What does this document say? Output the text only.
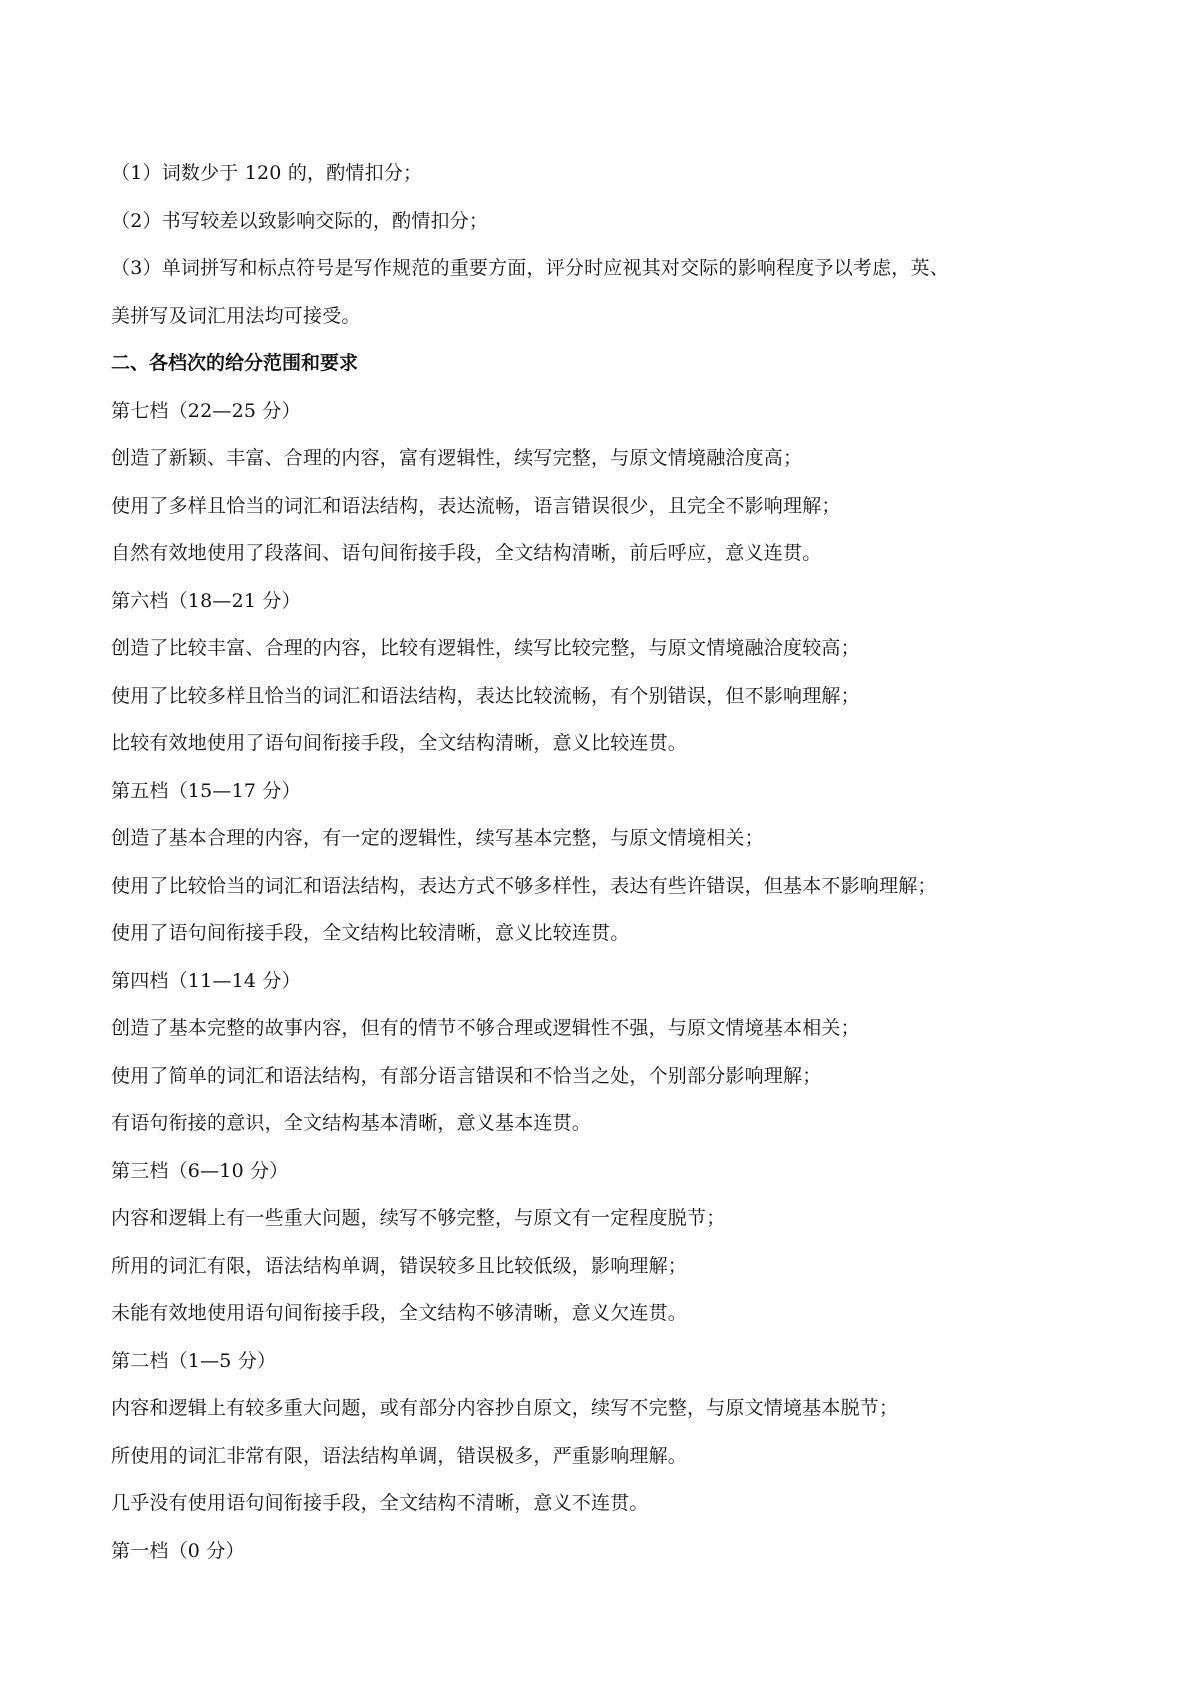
（1）词数少于 120 的，酌情扣分；
（2）书写较差以致影响交际的，酌情扣分；
（3）单词拼写和标点符号是写作规范的重要方面，评分时应视其对交际的影响程度予以考虑，英、
美拼写及词汇用法均可接受。
二、各档次的给分范围和要求
第七档（22—25 分）
创造了新颖、丰富、合理的内容，富有逻辑性，续写完整，与原文情境融洽度高；
使用了多样且恰当的词汇和语法结构，表达流畅，语言错误很少，且完全不影响理解；
自然有效地使用了段落间、语句间衔接手段，全文结构清晰，前后呼应，意义连贯。
第六档（18—21 分）
创造了比较丰富、合理的内容，比较有逻辑性，续写比较完整，与原文情境融洽度较高；
使用了比较多样且恰当的词汇和语法结构，表达比较流畅，有个别错误，但不影响理解；
比较有效地使用了语句间衔接手段，全文结构清晰，意义比较连贯。
第五档（15—17 分）
创造了基本合理的内容，有一定的逻辑性，续写基本完整，与原文情境相关；
使用了比较恰当的词汇和语法结构，表达方式不够多样性，表达有些许错误，但基本不影响理解；
使用了语句间衔接手段，全文结构比较清晰，意义比较连贯。
第四档（11—14 分）
创造了基本完整的故事内容，但有的情节不够合理或逻辑性不强，与原文情境基本相关；
使用了简单的词汇和语法结构，有部分语言错误和不恰当之处，个别部分影响理解；
有语句衔接的意识，全文结构基本清晰，意义基本连贯。
第三档（6—10 分）
内容和逻辑上有一些重大问题，续写不够完整，与原文有一定程度脱节；
所用的词汇有限，语法结构单调，错误较多且比较低级，影响理解；
未能有效地使用语句间衔接手段，全文结构不够清晰，意义欠连贯。
第二档（1—5 分）
内容和逻辑上有较多重大问题，或有部分内容抄自原文，续写不完整，与原文情境基本脱节；
所使用的词汇非常有限，语法结构单调，错误极多，严重影响理解。
几乎没有使用语句间衔接手段，全文结构不清晰，意义不连贯。
第一档（0 分）
